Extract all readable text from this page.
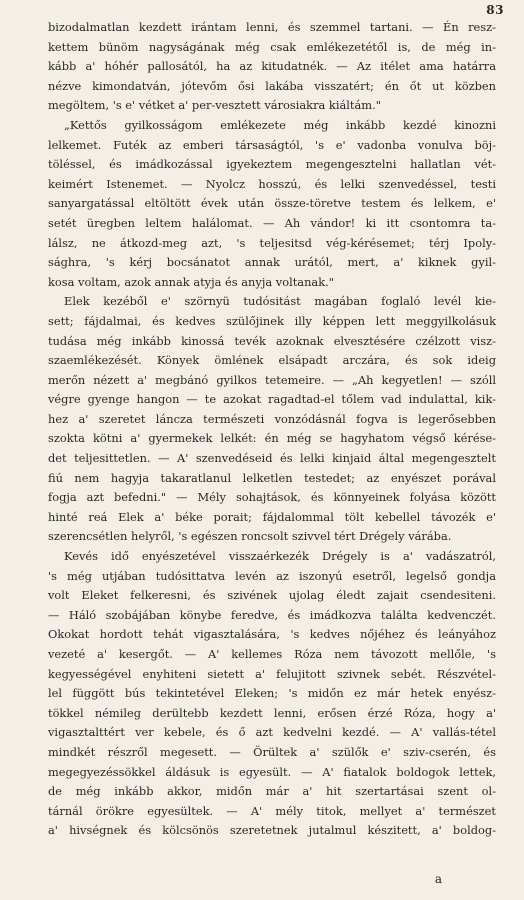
83
bizodalmatlan kezdett irántam lenni, és szemmel tartani. — Én resz-
kettem bünöm nagyságának még csak emlékezetétől is, de még in-
kább a' hóhér pallosától, ha az kitudatnék. — Az itélet ama határra
nézve kimondatván, jótevőm ősi lakába visszatért; én őt ut közben
megöltem, 's e' vétket a' per-vesztett városiakra kiáltám."
„Kettős gyilkosságom emlékezete még inkább kezdé kinozni
lelkemet. Futék az emberi társaságtól, 's e' vadonba vonulva böj-
töléssel, és imádkozással igyekeztem megengesztelni hallatlan vét-
keimért Istenemet. — Nyolcz hosszú, és lelki szenvedéssel, testi
sanyargatással eltöltött évek után össze-töretve testem és lelkem, e'
setét üregben leltem halálomat. — Ah vándor! ki itt csontomra ta-
lálsz, ne átkozd-meg azt, 's teljesitsd vég-kérésemet; térj Ipoly-
sághra, 's kérj bocsánatot annak urától, mert, a' kiknek gyil-
kosa voltam, azok annak atyja és anyja voltanak."
Elek kezéből e' szörnyü tudósitást magában foglaló levél kie-
sett; fájdalmai, és kedves szülőjinek illy képpen lett meggyilkolásuk
tudása még inkább kinossá tevék azoknak elvesztésére czélzott visz-
szaemlékezését. Könyek ömlének elsápadt arczára, és sok ideig
merőn nézett a' megbánó gyilkos tetemeire. — „Ah kegyetlen! — szóll
végre gyenge hangon — te azokat ragadtad-el tőlem vad indulattal, kik-
hez a' szeretet láncza természeti vonzódásnál fogva is legerősebben
szokta kötni a' gyermekek lelkét: én még se hagyhatom végső kérése-
det teljesittetlen. — A' szenvedéseid és lelki kinjaid által megengesztelt
fiú nem hagyja takaratlanul lelketlen testedet; az enyészet porával
fogja azt befedni." — Mély sohajtások, és könnyeinek folyása között
hinté reá Elek a' béke porait; fájdalommal tölt kebellel távozék e'
szerencsétlen helyről, 's egészen roncsolt szivvel tért Drégely várába.
Kevés idő enyészetével visszaérkezék Drégely is a' vadászatról,
's még utjában tudósittatva levén az iszonyú esetről, legelső gondja
volt Eleket felkeresni, és szivének ujolag éledt zajait csendesiteni.
— Háló szobájában könybe feredve, és imádkozva találta kedvenczét.
Okokat hordott tehát vigasztalására, 's kedves nőjéhez és leányához
vezeté a' kesergőt. — A' kellemes Róza nem távozott mellőle, 's
kegyességével enyhiteni sietett a' felujitott szivnek sebét. Részvétel-
lel függött bús tekintetével Eleken; 's midőn ez már hetek enyész-
tökkel némileg derültebb kezdett lenni, erősen érzé Róza, hogy a'
vigasztalttért ver kebele, és ő azt kedvelni kezdé. — A' vallás-tétel
mindkét részről megesett. — Örültek a' szülők e' sziv-cserén, és
megegyezéssökkel áldásuk is egyesült. — A' fiatalok boldogok lettek,
de még inkább akkor, midőn már a' hit szertartásai szent ol-
tárnál örökre egyesültek. — A' mély titok, mellyet a' természet
a' hivségnek és kölcsönös szeretetnek jutalmul készitett, a' boldog-
a
